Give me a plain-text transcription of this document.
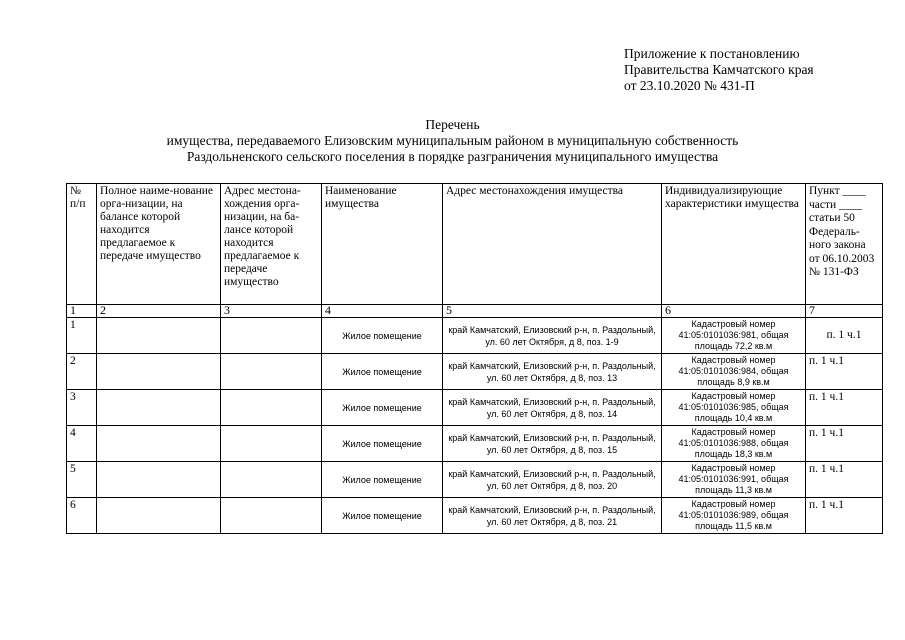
Приложение к постановлению
Правительства Камчатского края
от 23.10.2020 № 431-П
Перечень
имущества, передаваемого Елизовским муниципальным районом в муниципальную собственность
Раздольненского сельского поселения в порядке разграничения муниципального имущества
№ п/п	Полное наиме-нование орга-низации, на балансе которой находится предлагаемое к передаче имущество	Адрес местона-хождения орга-низации, на ба-лансе которой находится предлагаемое к передаче имущество	Наименование имущества	Адрес местонахождения имущества	Индивидуализирующие характеристики имущества	Пункт ____ части ____ статьи 50 Федераль-ного закона от 06.10.2003 № 131-ФЗ
1	2	3	4	5	6	7
1			Жилое помещение	край Камчатский, Елизовский р-н, п. Раздольный, ул. 60 лет Октября, д 8, поз. 1-9	Кадастровый номер 41:05:0101036:981, общая площадь 72,2 кв.м	п. 1 ч.1
2			Жилое помещение	край Камчатский, Елизовский р-н, п. Раздольный, ул. 60 лет Октября, д 8, поз. 13	Кадастровый номер 41:05:0101036:984, общая площадь 8,9 кв.м	п. 1 ч.1
3			Жилое помещение	край Камчатский, Елизовский р-н, п. Раздольный, ул. 60 лет Октября, д 8, поз. 14	Кадастровый номер 41:05:0101036:985, общая площадь 10,4 кв.м	п. 1 ч.1
4			Жилое помещение	край Камчатский, Елизовский р-н, п. Раздольный, ул. 60 лет Октября, д 8, поз. 15	Кадастровый номер 41:05:0101036:988, общая площадь 18,3 кв.м	п. 1 ч.1
5			Жилое помещение	край Камчатский, Елизовский р-н, п. Раздольный, ул. 60 лет Октября, д 8, поз. 20	Кадастровый номер 41:05:0101036:991, общая площадь 11,3 кв.м	п. 1 ч.1
6			Жилое помещение	край Камчатский, Елизовский р-н, п. Раздольный, ул. 60 лет Октября, д 8, поз. 21	Кадастровый номер 41:05:0101036:989, общая площадь 11,5 кв.м	п. 1 ч.1
